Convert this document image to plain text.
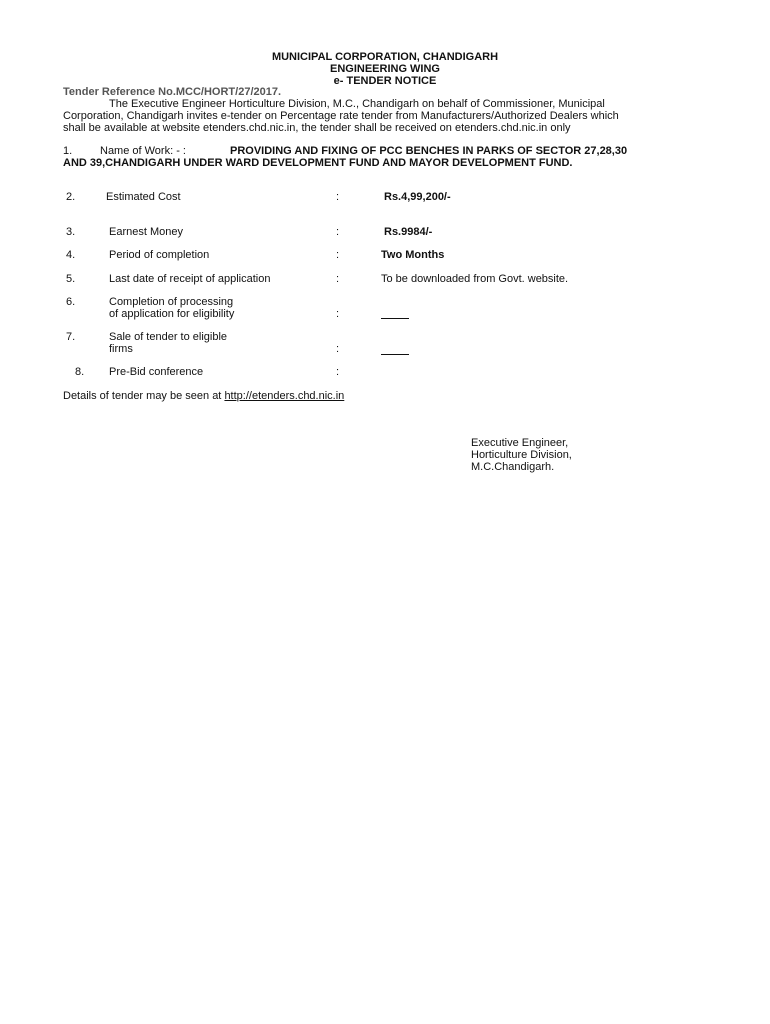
MUNICIPAL CORPORATION, CHANDIGARH
ENGINEERING WING
e- TENDER NOTICE
Tender Reference No.MCC/HORT/27/2017.
The Executive Engineer Horticulture Division, M.C., Chandigarh on behalf of Commissioner, Municipal
Corporation, Chandigarh invites e-tender on Percentage rate tender from Manufacturers/Authorized Dealers which
shall be available at website etenders.chd.nic.in, the tender shall be received on etenders.chd.nic.in only
1.	Name of Work: - :	PROVIDING AND FIXING OF PCC BENCHES IN PARKS OF SECTOR 27,28,30
AND 39,CHANDIGARH UNDER WARD DEVELOPMENT FUND AND MAYOR DEVELOPMENT FUND.
2.	Estimated Cost	:	Rs.4,99,200/-
3.	Earnest Money	:	Rs.9984/-
4.	Period of completion	:	Two Months
5.	Last date of receipt of application	:	To be downloaded from Govt. website.
6.	Completion of processing
of application for eligibility	:
7.	Sale of tender to eligible
firms	:
8. Pre-Bid conference	:
Details of tender may be seen at http://etenders.chd.nic.in
Executive Engineer,
Horticulture Division,
M.C.Chandigarh.
